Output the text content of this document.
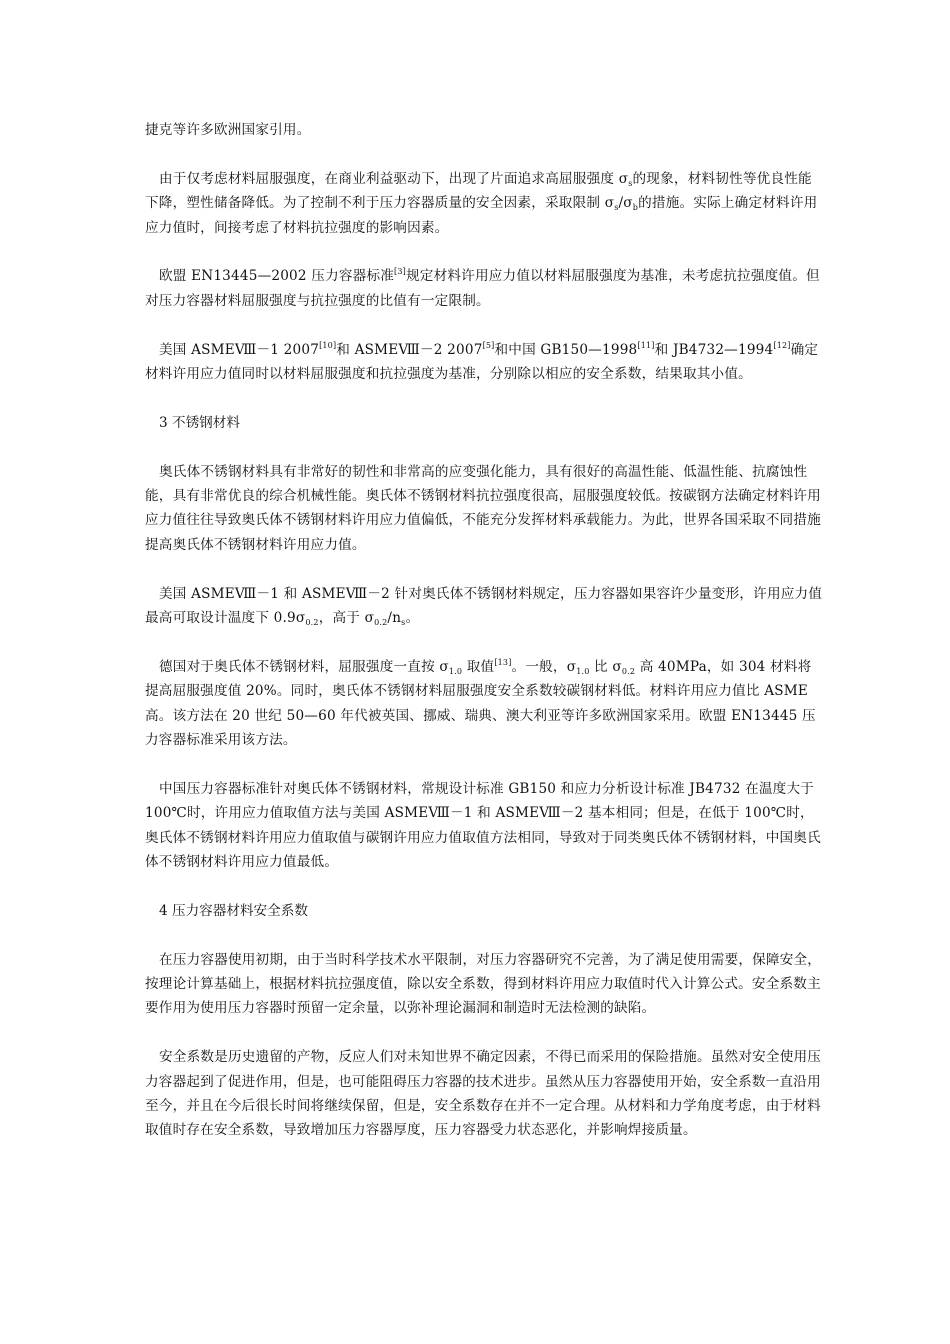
捷克等许多欧洲国家引用。

由于仅考虑材料屈服强度，在商业利益驱动下，出现了片面追求高屈服强度 $\sigma_s$的现象，材料韧性等优良性能下降，塑性储备降低。为了控制不利于压力容器质量的安全因素，采取限制 $\sigma_s/\sigma_b$的措施。实际上确定材料许用应力值时，间接考虑了材料抗拉强度的影响因素。

欧盟 EN13445—2002 压力容器标准[3]规定材料许用应力值以材料屈服强度为基准，未考虑抗拉强度值。但对压力容器材料屈服强度与抗拉强度的比值有一定限制。

美国 ASMEⅧ－1 2007[10]和 ASMEⅧ－2 2007[5]和中国 GB150—1998[11]和 JB4732—1994[12]确定材料许用应力值同时以材料屈服强度和抗拉强度为基准，分别除以相应的安全系数，结果取其小值。

3 不锈钢材料

奥氏体不锈钢材料具有非常好的韧性和非常高的应变强化能力，具有很好的高温性能、低温性能、抗腐蚀性能，具有非常优良的综合机械性能。奥氏体不锈钢材料抗拉强度很高，屈服强度较低。按碳钢方法确定材料许用应力值往往导致奥氏体不锈钢材料许用应力值偏低，不能充分发挥材料承载能力。为此，世界各国采取不同措施提高奥氏体不锈钢材料许用应力值。

美国 ASMEⅧ－1 和 ASMEⅧ－2 针对奥氏体不锈钢材料规定，压力容器如果容许少量变形，许用应力值最高可取设计温度下 $0.9\sigma_{0.2}$，高于 $\sigma_{0.2}/n_s$。

德国对于奥氏体不锈钢材料，屈服强度一直按 $\sigma_{1.0}$ 取值[13]。一般，$\sigma_{1.0}$ 比 $\sigma_{0.2}$ 高 40MPa，如 304 材料将提高屈服强度值 20%。同时，奥氏体不锈钢材料屈服强度安全系数较碳钢材料低。材料许用应力值比 ASME 高。该方法在 20 世纪 50—60 年代被英国、挪威、瑞典、澳大利亚等许多欧洲国家采用。欧盟 EN13445 压力容器标准采用该方法。

中国压力容器标准针对奥氏体不锈钢材料，常规设计标准 GB150 和应力分析设计标准 JB4732 在温度大于 100℃时，许用应力值取值方法与美国 ASMEⅧ－1 和 ASMEⅧ－2 基本相同；但是，在低于 100℃时，奥氏体不锈钢材料许用应力值取值与碳钢许用应力值取值方法相同，导致对于同类奥氏体不锈钢材料，中国奥氏体不锈钢材料许用应力值最低。

4 压力容器材料安全系数

在压力容器使用初期，由于当时科学技术水平限制，对压力容器研究不完善，为了满足使用需要，保障安全，按理论计算基础上，根据材料抗拉强度值，除以安全系数，得到材料许用应力取值时代入计算公式。安全系数主要作用为使用压力容器时预留一定余量，以弥补理论漏洞和制造时无法检测的缺陷。

安全系数是历史遗留的产物，反应人们对未知世界不确定因素，不得已而采用的保险措施。虽然对安全使用压力容器起到了促进作用，但是，也可能阻碍压力容器的技术进步。虽然从压力容器使用开始，安全系数一直沿用至今，并且在今后很长时间将继续保留，但是，安全系数存在并不一定合理。从材料和力学角度考虑，由于材料取值时存在安全系数，导致增加压力容器厚度，压力容器受力状态恶化，并影响焊接质量。
